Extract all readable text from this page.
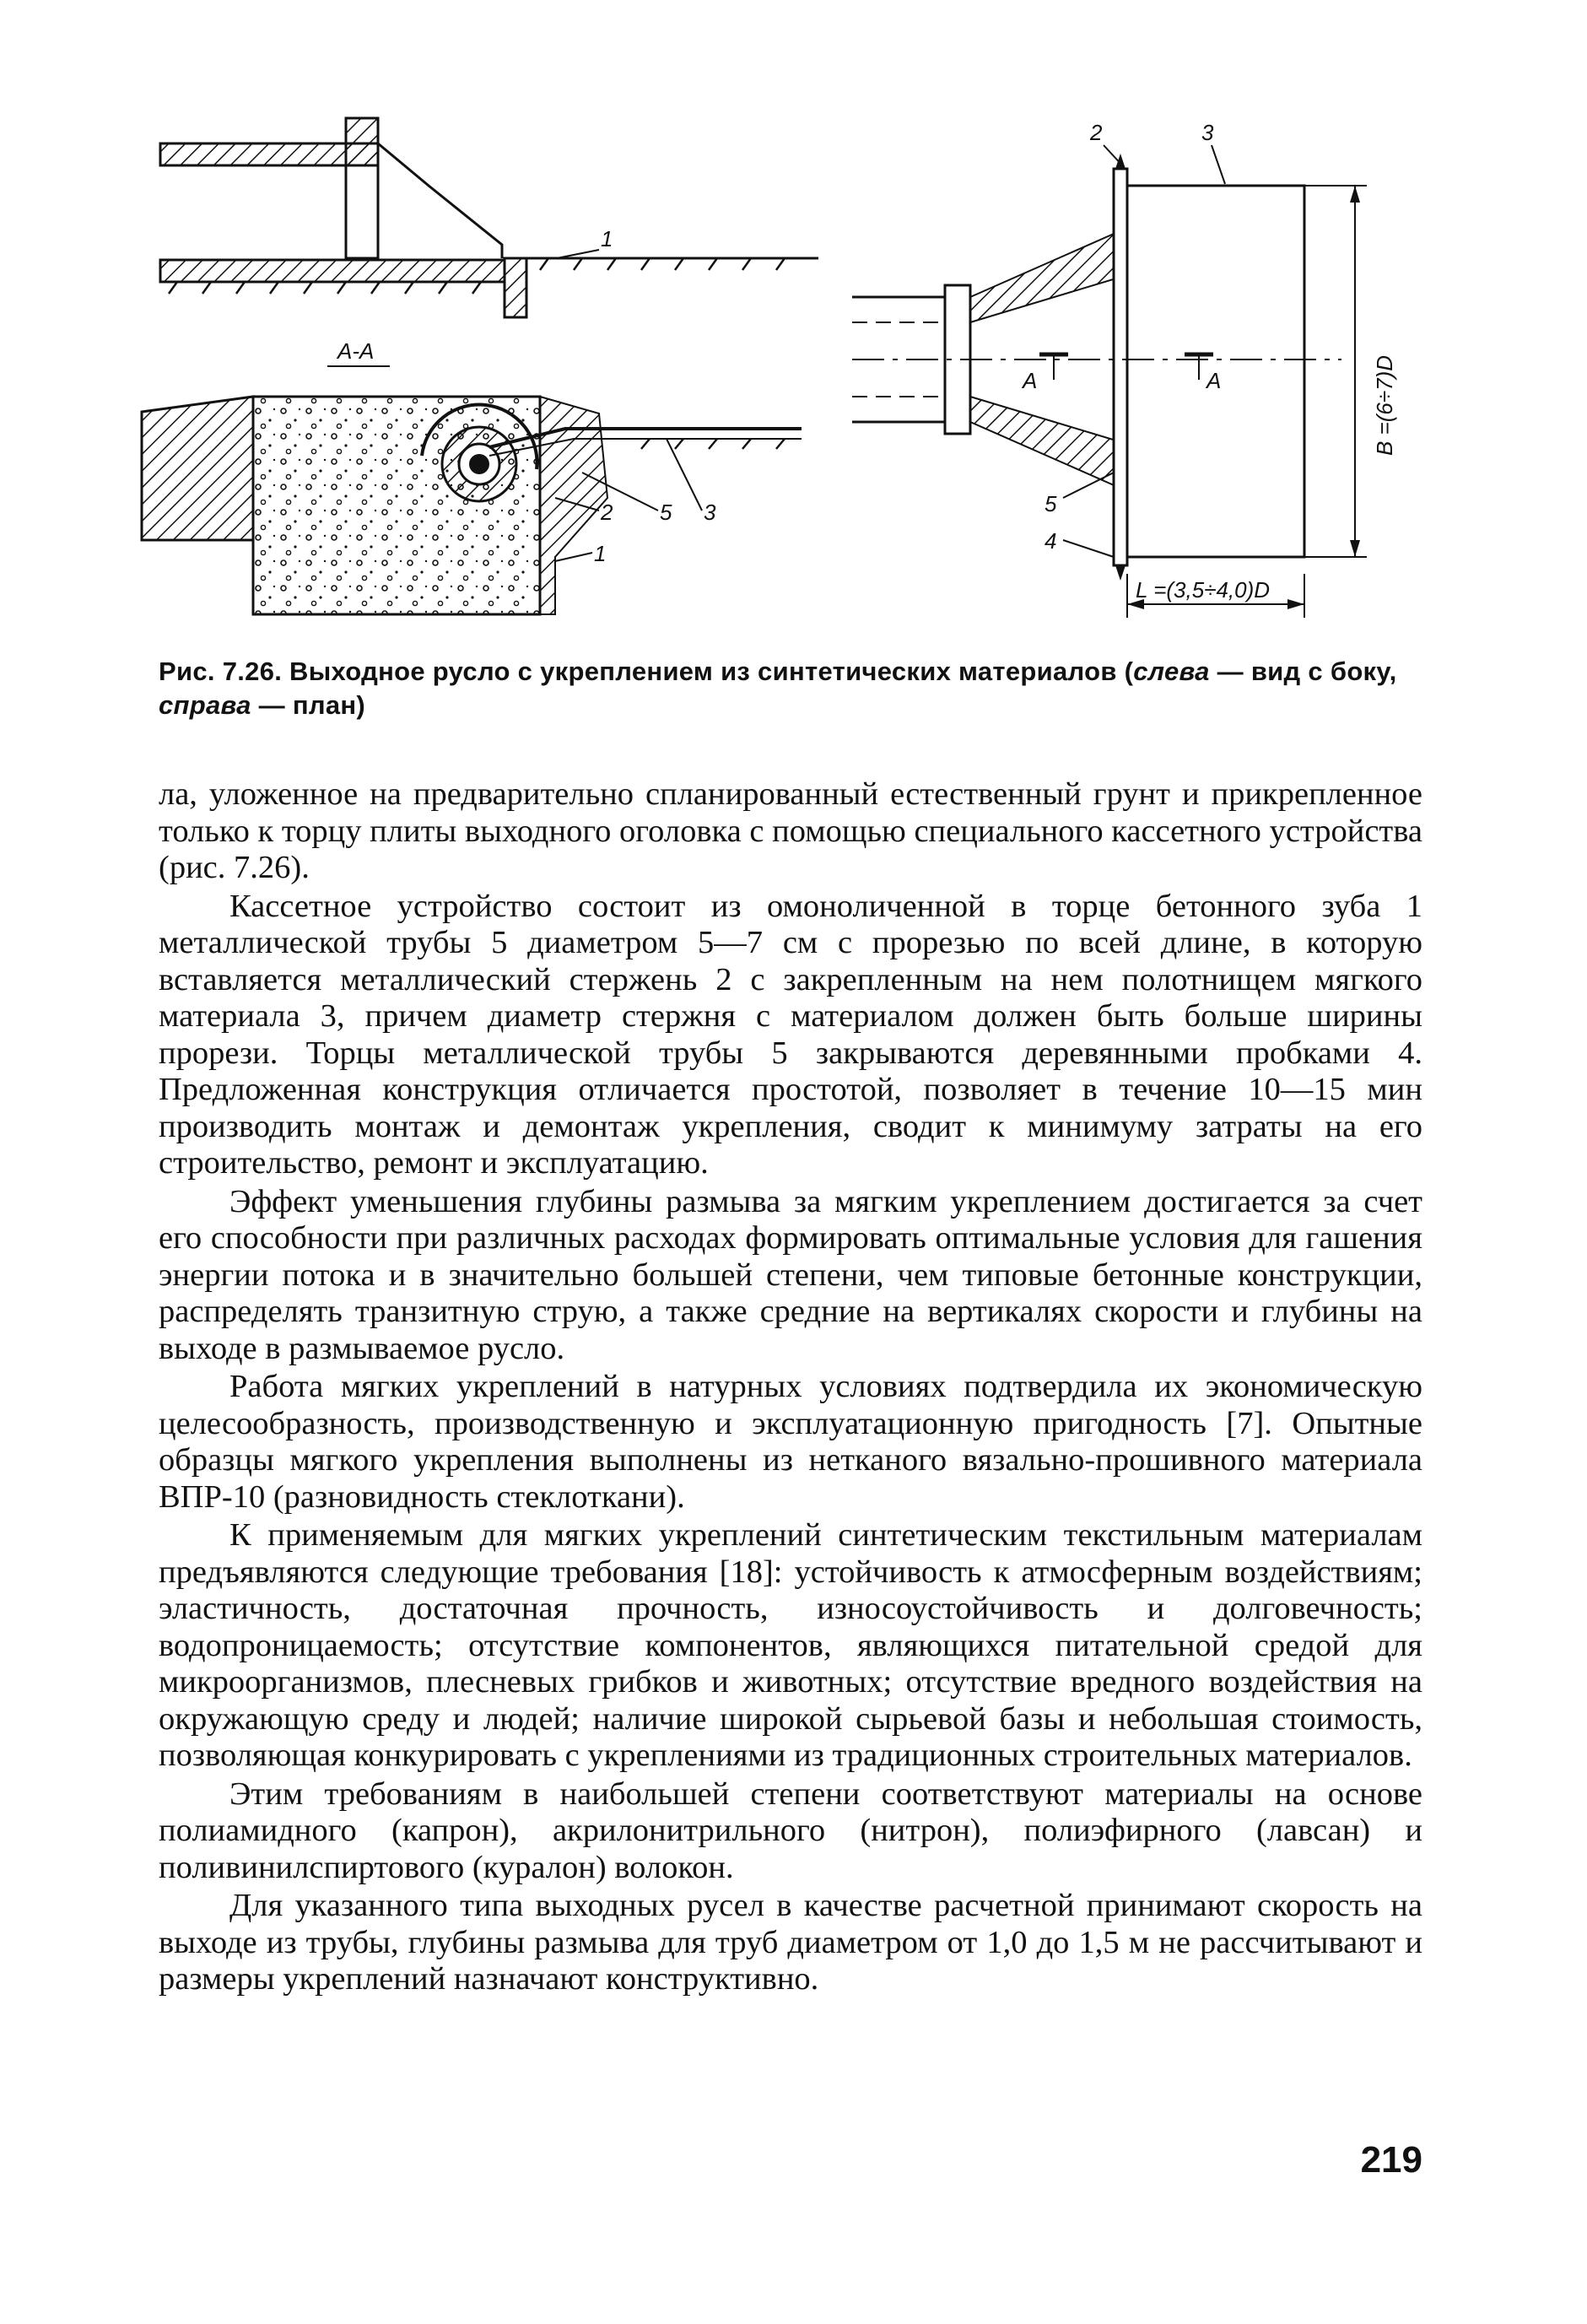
1
A-A
2 5 3
1
2	3
A	A
5
4
B =(6÷7)D
L =(3,5÷4,0)D
Рис. 7.26. Выходное русло с укреплением из синтетических материалов (слева — вид с боку, справа — план)

ла, уложенное на предварительно спланированный естественный грунт и прикрепленное только к торцу плиты выходного оголовка с помощью специального кассетного устройства (рис. 7.26).

Кассетное устройство состоит из омоноличенной в торце бетонного зуба 1 металлической трубы 5 диаметром 5—7 см с прорезью по всей длине, в которую вставляется металлический стержень 2 с закрепленным на нем полотнищем мягкого материала 3, причем диаметр стержня с материалом должен быть больше ширины прорези. Торцы металлической трубы 5 закрываются деревянными пробками 4. Предложенная конструкция отличается простотой, позволяет в течение 10—15 мин производить монтаж и демонтаж укрепления, сводит к минимуму затраты на его строительство, ремонт и эксплуатацию.

Эффект уменьшения глубины размыва за мягким укреплением достигается за счет его способности при различных расходах формировать оптимальные условия для гашения энергии потока и в значительно большей степени, чем типовые бетонные конструкции, распределять транзитную струю, а также средние на вертикалях скорости и глубины на выходе в размываемое русло.

Работа мягких укреплений в натурных условиях подтвердила их экономическую целесообразность, производственную и эксплуатационную пригодность [7]. Опытные образцы мягкого укрепления выполнены из нетканого вязально-прошивного материала ВПР-10 (разновидность стеклоткани).

К применяемым для мягких укреплений синтетическим текстильным материалам предъявляются следующие требования [18]: устойчивость к атмосферным воздействиям; эластичность, достаточная прочность, износоустойчивость и долговечность; водопроницаемость; отсутствие компонентов, являющихся питательной средой для микроорганизмов, плесневых грибков и животных; отсутствие вредного воздействия на окружающую среду и людей; наличие широкой сырьевой базы и небольшая стоимость, позволяющая конкурировать с укреплениями из традиционных строительных материалов.

Этим требованиям в наибольшей степени соответствуют материалы на основе полиамидного (капрон), акрилонитрильного (нитрон), полиэфирного (лавсан) и поливинилспиртового (куралон) волокон.

Для указанного типа выходных русел в качестве расчетной принимают скорость на выходе из трубы, глубины размыва для труб диаметром от 1,0 до 1,5 м не рассчитывают и размеры укреплений назначают конструктивно.

219
